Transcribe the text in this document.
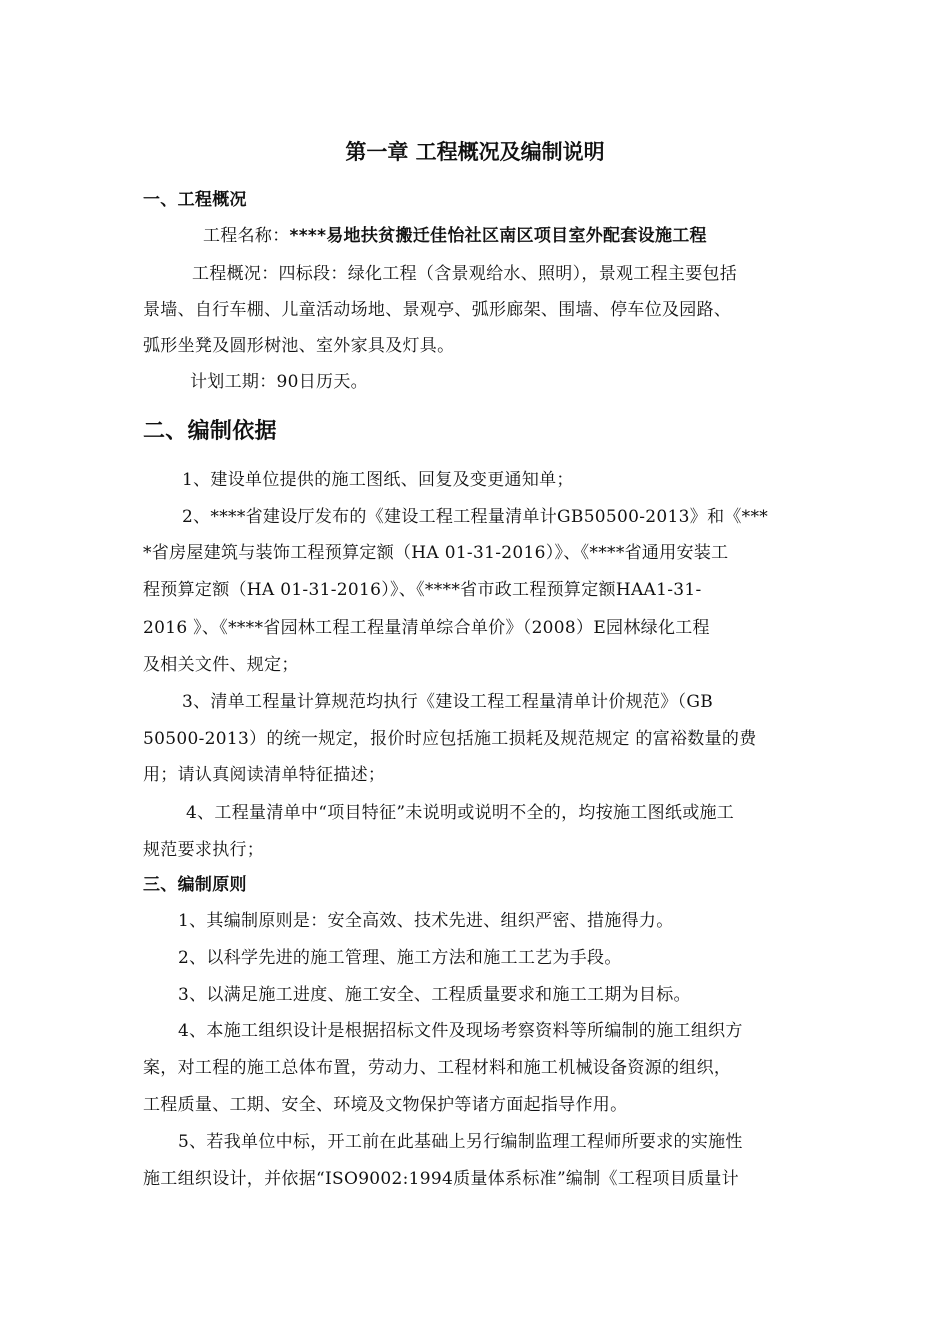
第一章 工程概况及编制说明
一、工程概况
工程名称：****易地扶贫搬迁佳怡社区南区项目室外配套设施工程
工程概况：四标段：绿化工程（含景观给水、照明），景观工程主要包括
景墙、自行车棚、儿童活动场地、景观亭、弧形廊架、围墙、停车位及园路、
弧形坐凳及圆形树池、室外家具及灯具。
计划工期：90日历天。
二、编制依据
1、建设单位提供的施工图纸、回复及变更通知单；
2、****省建设厅发布的《建设工程工程量清单计GB50500-2013》和《***
*省房屋建筑与装饰工程预算定额（HA 01-31-2016）》、《****省通用安装工
程预算定额（HA 01-31-2016）》、《****省市政工程预算定额HAA1-31-
2016 》、《****省园林工程工程量清单综合单价》（2008）E园林绿化工程
及相关文件、规定；
3、清单工程量计算规范均执行《建设工程工程量清单计价规范》（GB
50500-2013）的统一规定，报价时应包括施工损耗及规范规定 的富裕数量的费
用；请认真阅读清单特征描述；
4、工程量清单中“项目特征”未说明或说明不全的，均按施工图纸或施工
规范要求执行；
三、编制原则
1、其编制原则是：安全高效、技术先进、组织严密、措施得力。
2、以科学先进的施工管理、施工方法和施工工艺为手段。
3、以满足施工进度、施工安全、工程质量要求和施工工期为目标。
4、本施工组织设计是根据招标文件及现场考察资料等所编制的施工组织方
案，对工程的施工总体布置，劳动力、工程材料和施工机械设备资源的组织，
工程质量、工期、安全、环境及文物保护等诸方面起指导作用。
5、若我单位中标，开工前在此基础上另行编制监理工程师所要求的实施性
施工组织设计，并依据“ISO9002:1994质量体系标准”编制《工程项目质量计
